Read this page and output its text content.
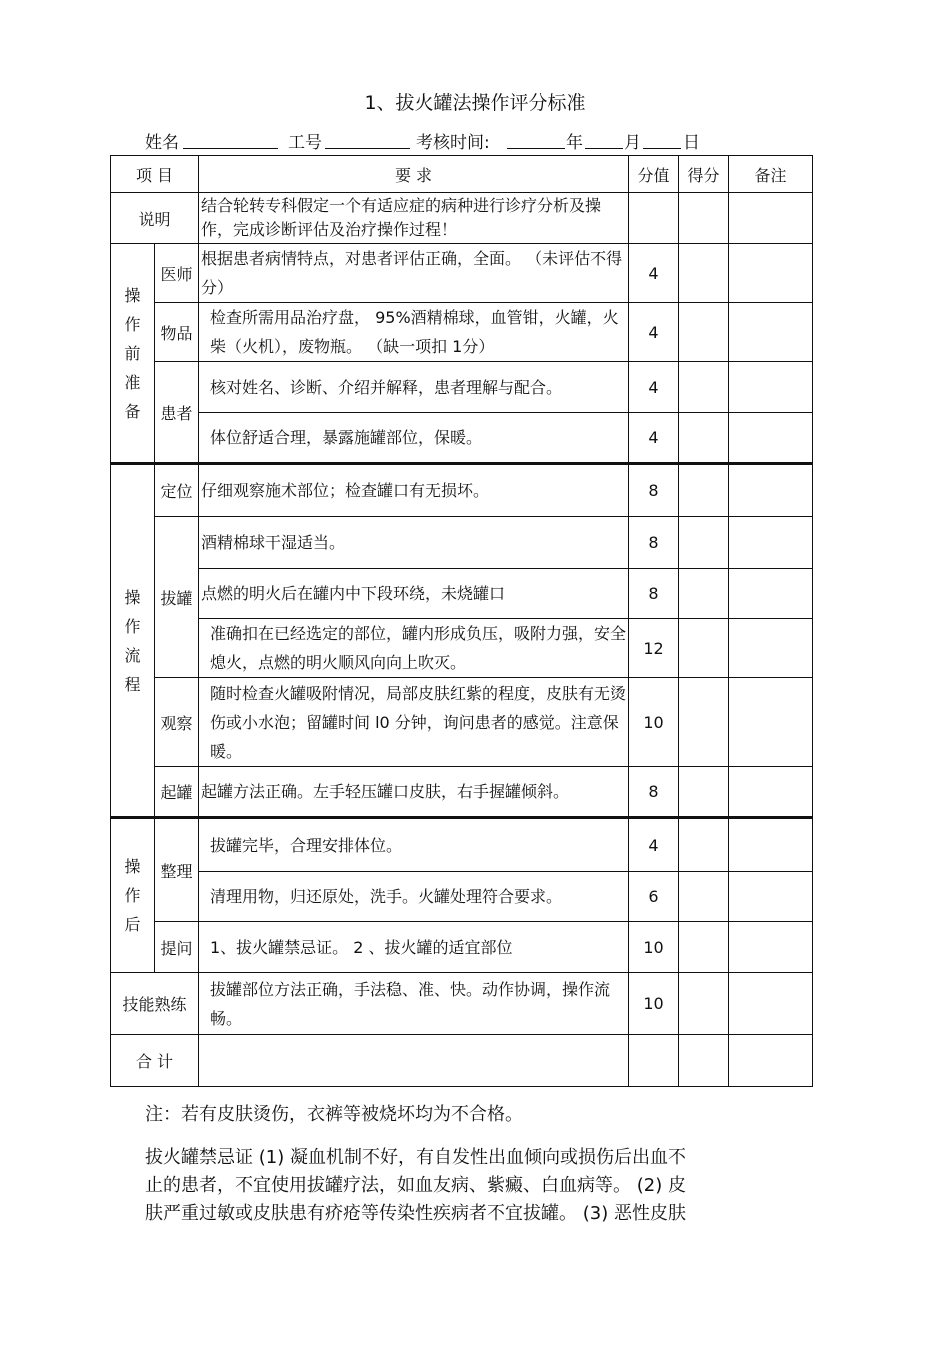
1、拔火罐法操作评分标准
姓名	工号	考核时间:	年 月 日
项 目		要 求	分值	得分	备注
说明		结合轮转专科假定一个有适应症的病种进行诊疗分析及操作，完成诊断评估及治疗操作过程！			

操
作
前
准
备	医师	根据患者病情特点，对患者评估正确，全面。 （未评估不得分）	4		
	物品	检查所需用品治疗盘， 95%酒精棉球，血管钳，火罐，火柴（火机），废物瓶。 （缺一项扣 1分）	4		
	患者	核对姓名、诊断、介绍并解释，患者理解与配合。	4		
		体位舒适合理，暴露施罐部位，保暖。	4		

操
作
流
程	定位	仔细观察施术部位；检查罐口有无损坏。	8		
	拔罐	酒精棉球干湿适当。	8		
		点燃的明火后在罐内中下段环绕，未烧罐口	8		
		准确扣在已经选定的部位，罐内形成负压，吸附力强，安全熄火，点燃的明火顺风向向上吹灭。	12		
	观察	随时检查火罐吸附情况，局部皮肤红紫的程度，皮肤有无烫伤或小水泡；留罐时间 l0 分钟，询问患者的感觉。注意保暖。	10		
	起罐	起罐方法正确。左手轻压罐口皮肤，右手握罐倾斜。	8		

操
作
后	整理	拔罐完毕，合理安排体位。	4		
		清理用物，归还原处，洗手。火罐处理符合要求。	6		
	提问	1、拔火罐禁忌证。 2 、拔火罐的适宜部位	10		
技能熟练		拔罐部位方法正确，手法稳、准、快。动作协调，操作流畅。	10		
合 计					
注：若有皮肤烫伤，衣裤等被烧坏均为不合格。
拔火罐禁忌证 (1) 凝血机制不好，有自发性出血倾向或损伤后出血不
止的患者，不宜使用拔罐疗法，如血友病、紫癜、白血病等。 (2) 皮
肤严重过敏或皮肤患有疥疮等传染性疾病者不宜拔罐。 (3) 恶性皮肤
